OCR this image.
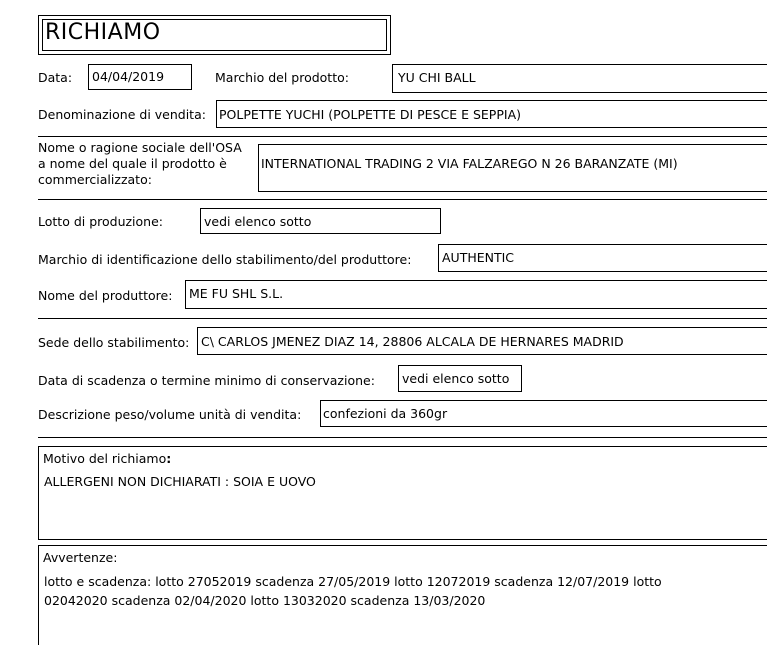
RICHIAMO
Data: 04/04/2019	Marchio del prodotto:	YU CHI BALL
Denominazione di vendita: POLPETTE YUCHI (POLPETTE DI PESCE E SEPPIA)
Nome o ragione sociale dell'OSA
a nome del quale il prodotto è
commercializzato:
INTERNATIONAL TRADING 2 VIA FALZAREGO N 26 BARANZATE (MI)
Lotto di produzione:	vedi elenco sotto
Marchio di identificazione dello stabilimento/del produttore: AUTHENTIC
Nome del produttore: ME FU SHL S.L.
Sede dello stabilimento: C\ CARLOS JMENEZ DIAZ 14, 28806 ALCALA DE HERNARES MADRID
Data di scadenza o termine minimo di conservazione: vedi elenco sotto
Descrizione peso/volume unità di vendita: confezioni da 360gr
Motivo del richiamo:
ALLERGENI NON DICHIARATI : SOIA E UOVO
Avvertenze:
lotto e scadenza: lotto 27052019 scadenza 27/05/2019 lotto 12072019 scadenza 12/07/2019 lotto
02042020 scadenza 02/04/2020 lotto 13032020 scadenza 13/03/2020
